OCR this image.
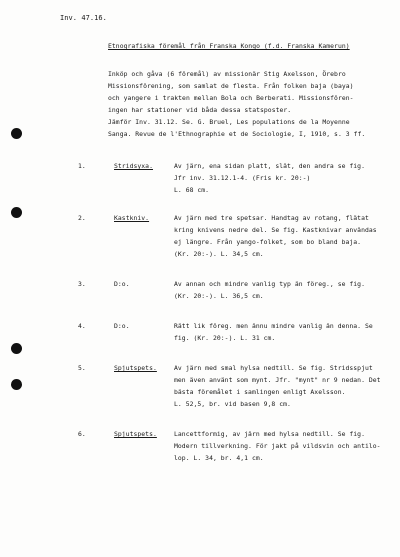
Inv. 47.16.
Etnografiska föremål från Franska Kongo (f.d. Franska Kamerun)
Inköp och gåva (6 föremål) av missionär Stig Axelsson, Örebro
Missionsförening, som samlat de flesta. Från folken baja (baya)
och yangere i trakten mellan Bola och Berberati. Missionsfören-
ingen har stationer vid båda dessa statsposter.
Jämför Inv. 31.12. Se. G. Bruel, Les populations de la Moyenne
Sanga. Revue de l'Ethnographie et de Sociologie, I, 1910, s. 3 ff.
1.	Stridsyxa.	Av järn, ena sidan platt, slät, den andra se fig.
Jfr inv. 31.12.1-4. (Fris kr. 20:-)
L. 68 cm.
2.	Kastkniv.	Av järn med tre spetsar. Handtag av rotang, flätat
kring knivens nedre del. Se fig. Kastknivar användas
ej längre. Från yango-folket, som bo bland baja.
(Kr. 20:-). L. 34,5 cm.
3.	D:o.	Av annan och mindre vanlig typ än föreg., se fig.
(Kr. 20:-). L. 36,5 cm.
4.	D:o.	Rätt lik föreg. men ännu mindre vanlig än denna. Se
fig. (Kr. 20:-). L. 31 cm.
5.	Spjutspets.	Av järn med smal hylsa nedtill. Se fig. Stridsspjut
men även använt som mynt. Jfr. "mynt" nr 9 nedan. Det
bästa föremålet i samlingen enligt Axelsson.
L. 52,5, br. vid basen 9,8 cm.
6.	Spjutspets.	Lancettformig, av järn med hylsa nedtill. Se fig.
Modern tillverkning. För jakt på vildsvin och antilo-
lop. L. 34, br. 4,1 cm.
